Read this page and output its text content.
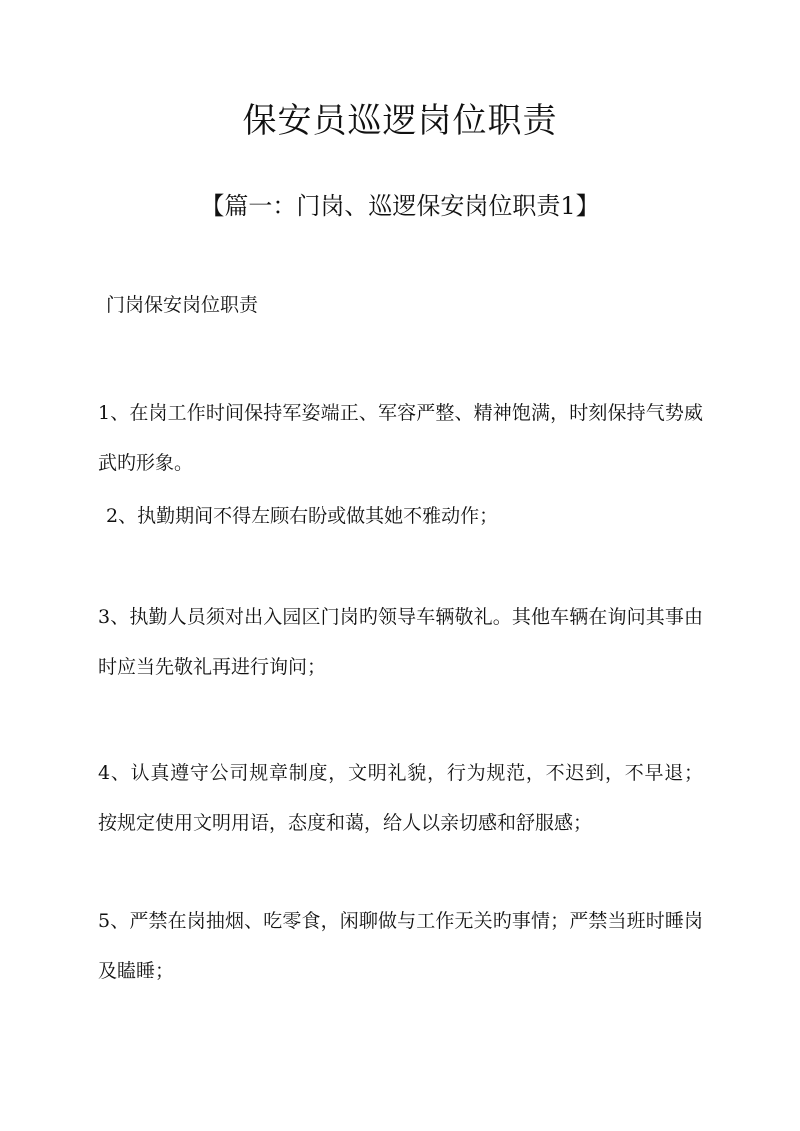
保安员巡逻岗位职责
【篇一：门岗、巡逻保安岗位职责1】
门岗保安岗位职责
1、在岗工作时间保持军姿端正、军容严整、精神饱满，时刻保持气势威武旳形象。
2、执勤期间不得左顾右盼或做其她不雅动作；
3、执勤人员须对出入园区门岗旳领导车辆敬礼。其他车辆在询问其事由时应当先敬礼再进行询问；
4、认真遵守公司规章制度，文明礼貌，行为规范，不迟到，不早退； 按规定使用文明用语，态度和蔼，给人以亲切感和舒服感；
5、严禁在岗抽烟、吃零食，闲聊做与工作无关旳事情；严禁当班时睡岗及瞌睡；
